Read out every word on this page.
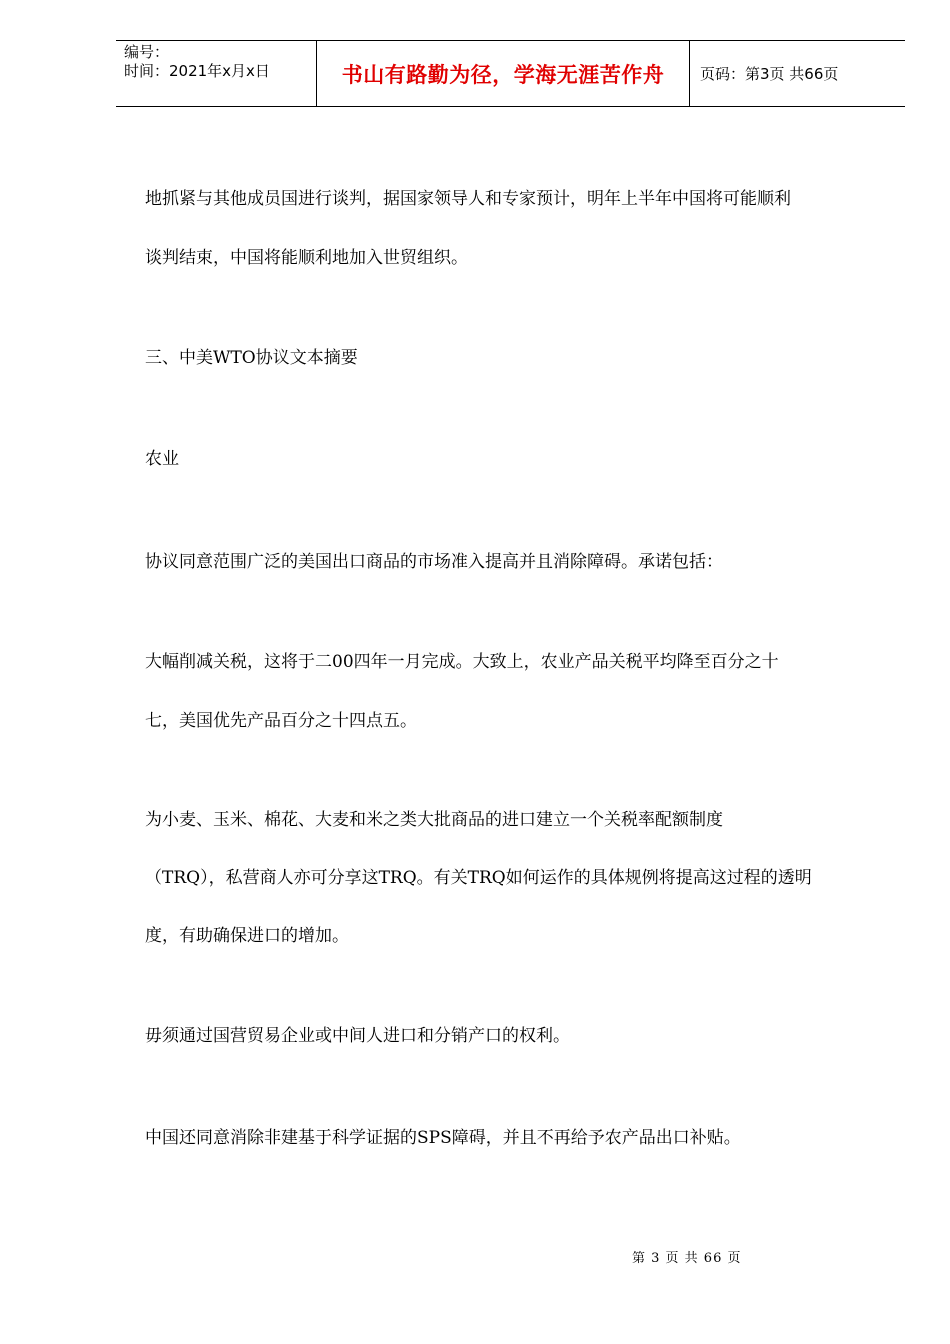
编号：
时间：2021年x月x日	书山有路勤为径，学海无涯苦作舟	页码：第3页 共66页
地抓紧与其他成员国进行谈判，据国家领导人和专家预计，明年上半年中国将可能顺利
谈判结束，中国将能顺利地加入世贸组织。
三、中美WTO协议文本摘要
农业
协议同意范围广泛的美国出口商品的市场准入提高并且消除障碍。承诺包括：
大幅削减关税，这将于二00四年一月完成。大致上，农业产品关税平均降至百分之十
七，美国优先产品百分之十四点五。
为小麦、玉米、棉花、大麦和米之类大批商品的进口建立一个关税率配额制度
（TRQ），私营商人亦可分享这TRQ。有关TRQ如何运作的具体规例将提高这过程的透明
度，有助确保进口的增加。
毋须通过国营贸易企业或中间人进口和分销产口的权利。
中国还同意消除非建基于科学证据的SPS障碍，并且不再给予农产品出口补贴。
第 3 页 共 66 页
